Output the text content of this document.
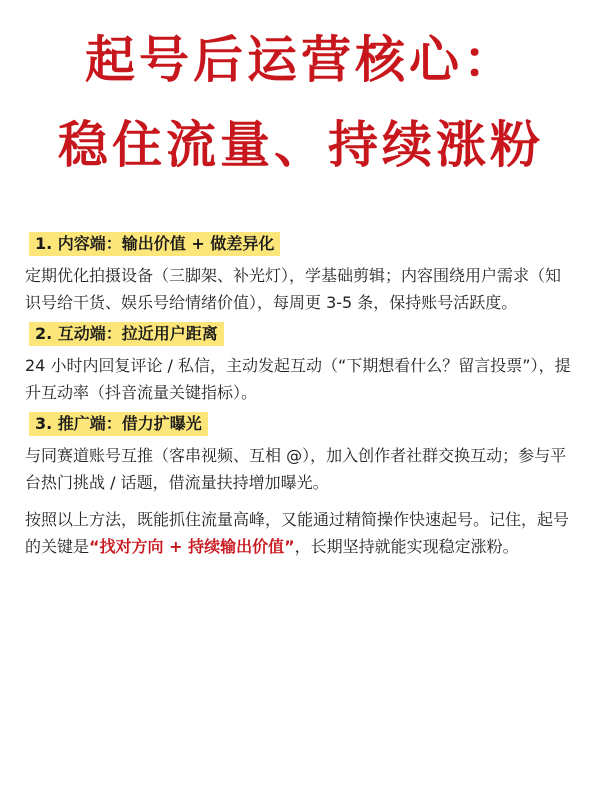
起号后运营核心：
稳住流量、持续涨粉
1. 内容端：输出价值 + 做差异化

定期优化拍摄设备（三脚架、补光灯），学基础剪辑；内容围绕用户需求（知识号给干货、娱乐号给情绪价值），每周更 3-5 条，保持账号活跃度。

2. 互动端：拉近用户距离

24 小时内回复评论 / 私信，主动发起互动（“下期想看什么？留言投票”），提升互动率（抖音流量关键指标）。

3. 推广端：借力扩曝光

与同赛道账号互推（客串视频、互相 @），加入创作者社群交换互动；参与平台热门挑战 / 话题，借流量扶持增加曝光。

按照以上方法，既能抓住流量高峰，又能通过精简操作快速起号。记住，起号的关键是“找对方向 + 持续输出价值”，长期坚持就能实现稳定涨粉。
